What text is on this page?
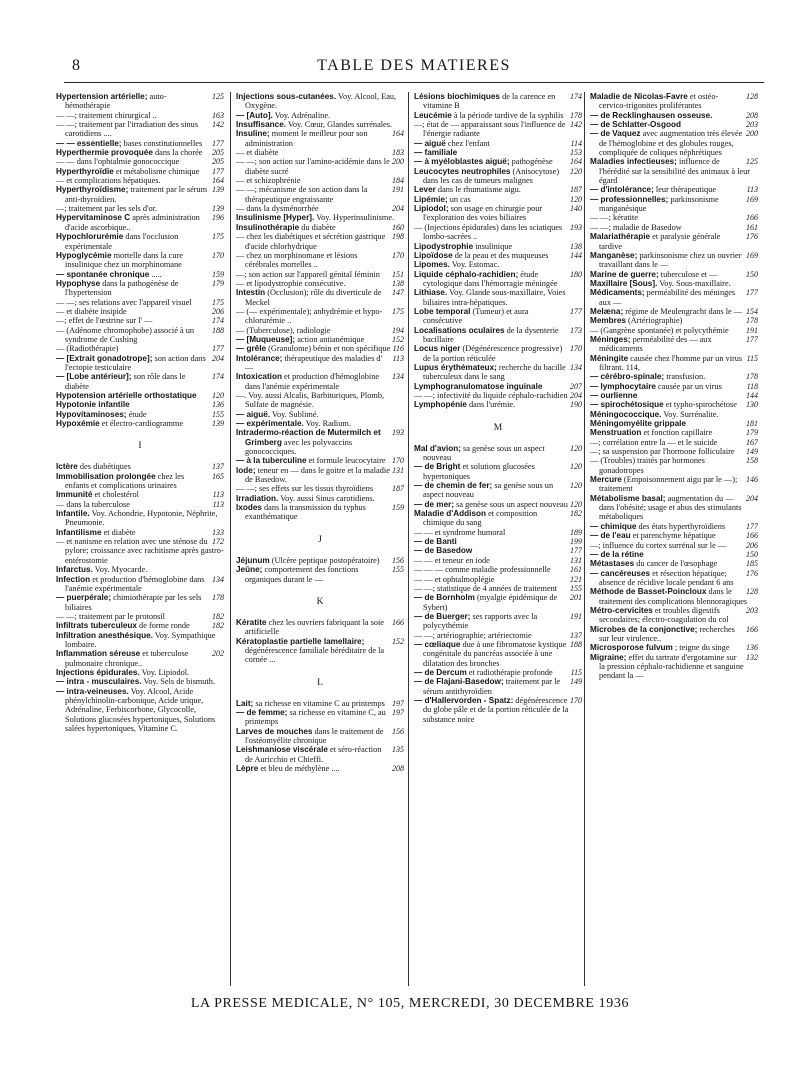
8	TABLE DES MATIERES
125
Hypertension artérielle; auto-hémothérapie
163
— —; traitement chirurgical ..
142
— —; traitement par l'irradiation des sinus carotidiens ....
177
— — essentielle; bases constitutionnelles
205
Hyperthermie provoquée dans la chorée
205
— — dans l'ophtalmie gonococcique
177
Hyperthyroïdie et métabolisme chimique
164
— et complications hépatiques.
139
Hyperthyroïdisme; traitement par le sérum anti-thyroïdien.
139
—; traitement par les sels d'or.
196
Hypervitaminose C après administration d'acide ascorbique..
175
Hypochlorurémie dans l'occlusion expérimentale
170
Hypoglycémie mortelle dans la cure insulinique chez un morphinomane
159
— spontanée chronique .....
179
Hypophyse dans la pathogénèse de l'hypertension
175
— —; ses relations avec l'appareil visuel
206
— et diabète insipide
174
—; effet de l'œstrine sur l' —
188
— (Adénome chromophobe) associé à un syndrome de Cushing
177
— (Radiothérapie)
204
— [Extrait gonadotrope]; son action dans l'ectopie testiculaire
174
— [Lobe antérieur]; son rôle dans le diabète
120
Hypotension artérielle orthostatique
136
Hypotonie infantile
155
Hypovitaminoses; étude
139
Hypoxémie et électro-cardiogramme
I
137
Ictère des diabétiques
165
Immobilisation prolongée chez les enfants et complications urinaires
113
Immunité et cholestérol
113
— dans la tuberculose
Infantile. Voy. Achondrie, Hypotonie, Néphrite, Pneumonie.
133
Infantilisme et diabète
172
— et nanisme en relation avec une sténose du pylore; croissance avec rachitisme après gastro-entérostomie
Infarctus. Voy. Myocarde.
134
Infection et production d'hémoglobine dans l'anémie expérimentale
178
— puerpérale; chimiothérapie par les sels biliaires
182
— —; traitement par le protonsil
182
Infiltrats tuberculeux de forme ronde
Infiltration anesthésique. Voy. Sympathique lombaire.
202
Inflammation séreuse et tuberculose pulmonaire chronique..
Injections épidurales. Voy. Lipiodol.
— intra - musculaires. Voy. Sels de bismuth.
— intra-veineuses. Voy. Alcool, Acide phénylchinolin-carbonique, Acide urique, Adrénaline, Ferbiscorbone, Glycocolle, Solutions glucosées hypertoniques, Solutions salées hypertoniques, Vitamine C.
Injections sous-cutanées. Voy. Alcool, Eau, Oxygène.
— [Auto]. Voy. Adrénaline.
Insuffisance. Voy. Cœur, Glandes surrénales.
164
Insuline; moment le meilleur pour son administration
183
— et diabète
200
— —; son action sur l'amino-acidémie dans le diabète sucré
184
— et schizophrénie
191
— —; mécanisme de son action dans la thérapeutique engraissante
204
— dans la dysménorrhée
Insulinisme [Hyper]. Voy. Hyperinsulinisme.
160
Insulinothérapie du diabète
198
— chez les diabétiques et sécrétion gastrique d'acide chlorhydrique
170
— chez un morphinomane et lésions cérébrales mortelles ..
151
—; son action sur l'appareil génital féminin
138
— et lipodystrophie consécutive.
147
Intestin (Occlusion); rôle du diverticule de Meckel
175
— (— expérimentale); anhydrémie et hypo-chlorurémie ..
194
— (Tuberculose), radiologie
152
— [Muqueuse]; action antianémique
116
— grêle (Granulome) bénin et non spécifique
113
Intolérance; thérapeutique des maladies d' —
134
Intoxication et production d'hémoglobine dans l'anémie expérimentale
—. Voy. aussi Alcalis, Barbituriques, Plomb, Sulfate de magnésie.
— aiguë. Voy. Sublimé.
— expérimentale. Voy. Radium.
193
Intradermo-réaction de Mutermilch et Grimberg avec les polyvaccins gonococciques.
170
— à la tuberculine et formule leucocytaire
131
Iode; teneur en — dans le goitre et la maladie de Basedow.
187
— —; ses effets sur les tissus thyroïdiens
Irradiation. Voy. aussi Sinus carotidiens.
159
Ixodes dans la transmission du typhus exanthématique
J
156
Jéjunum (Ulcère peptique postopératoire)
155
Jeûne; comportement des fonctions organiques durant le —
K
166
Kératite chez les ouvriers fabriquant la soie artificielle
152
Kératoplastie partielle lamellaire; dégénérescence familiale héréditaire de la cornée ...
L
197
Lait; sa richesse en vitamine C au printemps
197
— de femme; sa richesse en vitamine C, au printemps
156
Larves de mouches dans le traitement de l'ostéomyélite chronique
135
Leishmaniose viscérale et séro-réaction de Auricchio et Chieffi.
208
Lèpre et bleu de méthylène ....
174
Lésions biochimiques de la carence en vitamine B
178
Leucémie à la période tardive de la syphilis
142
—; état de — apparaissant sous l'influence de l'énergie radiante
114
— aiguë chez l'enfant
153
— familiale
164
— à myéloblastes aiguë; pathogénèse
120
Leucocytes neutrophiles (Anisocytose) dans les cas de tumeurs malignes
187
Lever dans le rhumatisme aigu.
120
Lipémie; un cas
140
Lipiodol; son usage en chirurgie pour l'exploration des voies biliaires
193
— (Injections épidurales) dans les sciatiques lombo-sacrées ..
138
Lipodystrophie insulinique
144
Lipoïdose de la peau et des muqueuses
Lipomes. Voy. Estomac.
180
Liquide céphalo-rachidien; étude cytologique dans l'hémorragie méningée
Lithiase. Voy. Glande sous-maxillaire, Voies biliaires intra-hépatiques.
177
Lobe temporal (Tumeur) et aura consécutive
173
Localisations oculaires de la dysenterie bacillaire
170
Locus niger (Dégénérescence progressive) de la portion réticulée
134
Lupus érythémateux; recherche du bacille tuberculeux dans le sang
207
Lymphogranulomatose inguinale
204
— —; infectivité du liquide céphalo-rachidien
190
Lymphopénie dans l'urémie.
M
120
Mal d'avion; sa genèse sous un aspect nouveau
120
— de Bright et solutions glucosées hypertoniques
120
— de chemin de fer; sa genèse sous un aspect nouveau
120
— de mer; sa genèse sous un aspect nouveau
182
Maladie d'Addison et composition chimique du sang
189
— — et syndrome humoral
199
— de Banti
177
— de Basedow
131
— — et teneur en iode
161
— — — comme maladie professionnelle
121
— — et ophtalmoplégie
155
— —; statistique de 4 années de traitement
201
— de Bornholm (myalgie épidémique de Sybert)
191
— de Buerger; ses rapports avec la polycythémie
137
— —; artériographie; artériectomie
188
— cœliaque due à une fibromatose kystique congénitale du pancréas associée à une dilatation des bronches
115
— de Dercum et radiothérapie profonde
149
— de Flajani-Basedow; traitement par le sérum antithyroïdien
170
— d'Hallervorden - Spatz: dégénérescence du globe pâle et de la portion réticulée de la substance noire
128
Maladie de Nicolas-Favre et ostéo-cervico-trigonites proliférantes
208
— de Recklinghausen osseuse.
203
— de Schlatter-Osgood
200
— de Vaquez avec augmentation très élevée de l'hémoglobine et des globules rouges, compliquée de coliques néphrétiques
125
Maladies infectieuses; influence de l'hérédité sur la sensibilité des animaux à leur égard
113
— d'intolérance; leur thérapeutique
169
— professionnelles; parkinsonisme manganésique
166
— —; kératite
161
— —; maladie de Basedow
176
Malariathérapie et paralysie générale tardive
169
Manganèse; parkinsonisme chez un ouvrier travaillant dans le —
150
Marine de guerre; tuberculose et —
Maxillaire [Sous]. Voy. Sous-maxillaire.
177
Médicaments; perméabilité des méninges aux —
154
Melæna; régime de Meulengracht dans le —
178
Membres (Artériographie)
191
— (Gangrène spontanée) et polycythémie
177
Méninges; perméabilité des — aux médicaments
115
Méningite causée chez l'homme par un virus filtrant. 114,
178
— cérébro-spinale; transfusion.
118
— lymphocytaire causée par un virus
144
— ourlienne
130
— spirochétosique et typho-spirochétose
Méningococcique. Voy. Surrénalite.
181
Méningomyélite grippale
179
Menstruation et fonction capillaire
167
—; corrélation entre la — et le suicide
149
—; sa suspension par l'hormone folliculaire
158
— (Troubles) traités par hormones gonadotropes
146
Mercure (Empoisonnement aigu par le —); traitement
204
Métabolisme basal; augmentation du — dans l'obésité; usage et abus des stimulants métaboliques
177
— chimique des états hyperthyroïdiens
166
— de l'eau et parenchyme hépatique
206
—; influence du cortex surrénal sur le —
150
— de la rétine
185
Métastases du cancer de l'œsophage
176
— cancéreuses et résection hépatique; absence de récidive locale pendant 6 ans
128
Méthode de Basset-Poincloux dans le traitement des complications blennoragiques
203
Métro-cervicites et troubles digestifs secondaires; électro-coagulation du col
166
Microbes de la conjonctive; recherches sur leur virulence..
136
Microsporose fulvum ; teigne du singe
132
Migraine; effet du tartrate d'ergotamine sur la pression céphalo-rachidienne et sanguine pendant la —
LA PRESSE MEDICALE, N° 105, MERCREDI, 30 DECEMBRE 1936
